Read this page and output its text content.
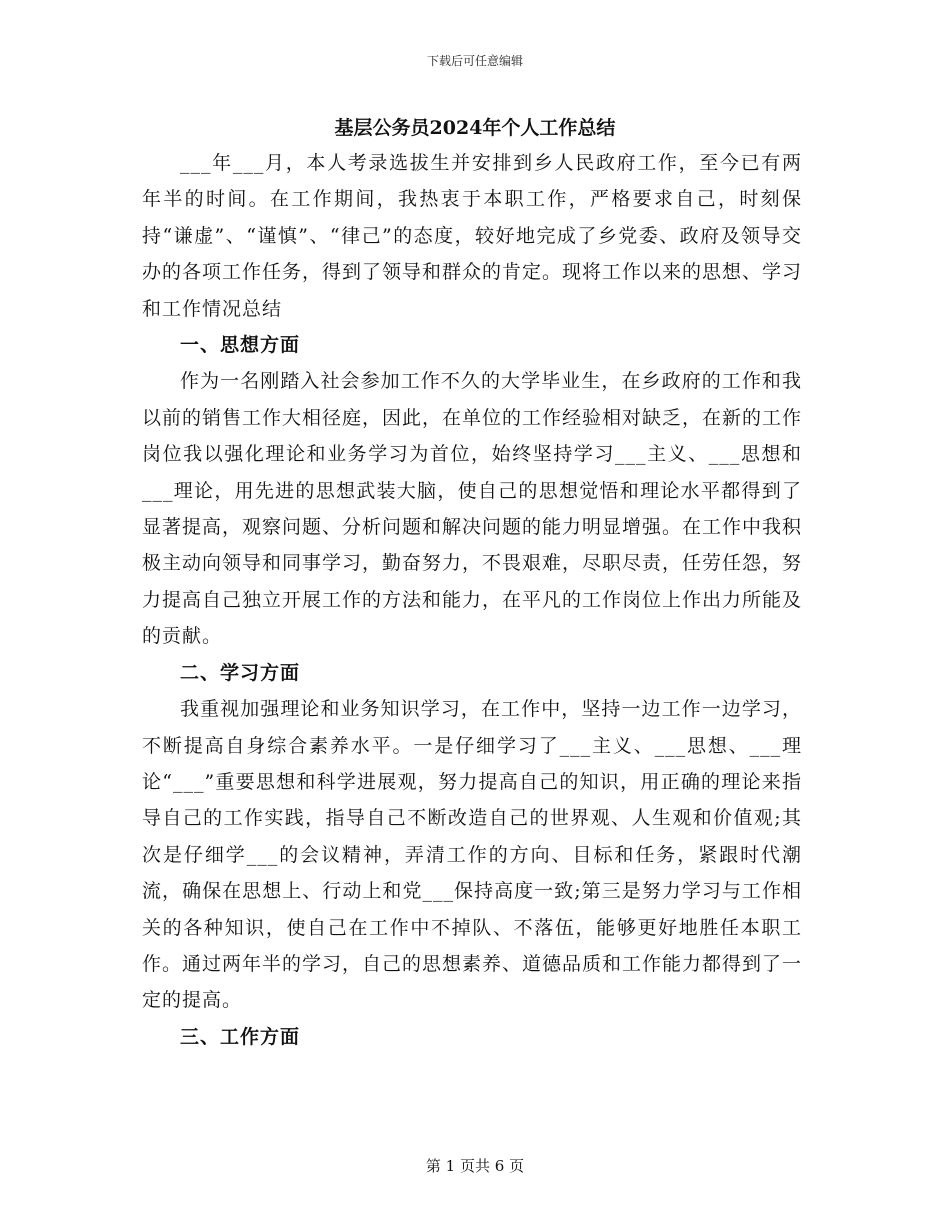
下载后可任意编辑
基层公务员2024年个人工作总结

___年___月，本人考录选拔生并安排到乡人民政府工作，至今已有两年半的时间。在工作期间，我热衷于本职工作，严格要求自己，时刻保持“谦虚”、“谨慎”、“律己”的态度，较好地完成了乡党委、政府及领导交办的各项工作任务，得到了领导和群众的肯定。现将工作以来的思想、学习和工作情况总结

一、思想方面

作为一名刚踏入社会参加工作不久的大学毕业生，在乡政府的工作和我以前的销售工作大相径庭，因此，在单位的工作经验相对缺乏，在新的工作岗位我以强化理论和业务学习为首位，始终坚持学习___主义、___思想和___理论，用先进的思想武装大脑，使自己的思想觉悟和理论水平都得到了显著提高，观察问题、分析问题和解决问题的能力明显增强。在工作中我积极主动向领导和同事学习，勤奋努力，不畏艰难，尽职尽责，任劳任怨，努力提高自己独立开展工作的方法和能力，在平凡的工作岗位上作出力所能及的贡献。

二、学习方面

我重视加强理论和业务知识学习，在工作中，坚持一边工作一边学习，不断提高自身综合素养水平。一是仔细学习了___主义、___思想、___理论“___”重要思想和科学进展观，努力提高自己的知识，用正确的理论来指导自己的工作实践，指导自己不断改造自己的世界观、人生观和价值观;其次是仔细学___的会议精神，弄清工作的方向、目标和任务，紧跟时代潮流，确保在思想上、行动上和党___保持高度一致;第三是努力学习与工作相关的各种知识，使自己在工作中不掉队、不落伍，能够更好地胜任本职工作。通过两年半的学习，自己的思想素养、道德品质和工作能力都得到了一定的提高。

三、工作方面
第 1 页共 6 页
